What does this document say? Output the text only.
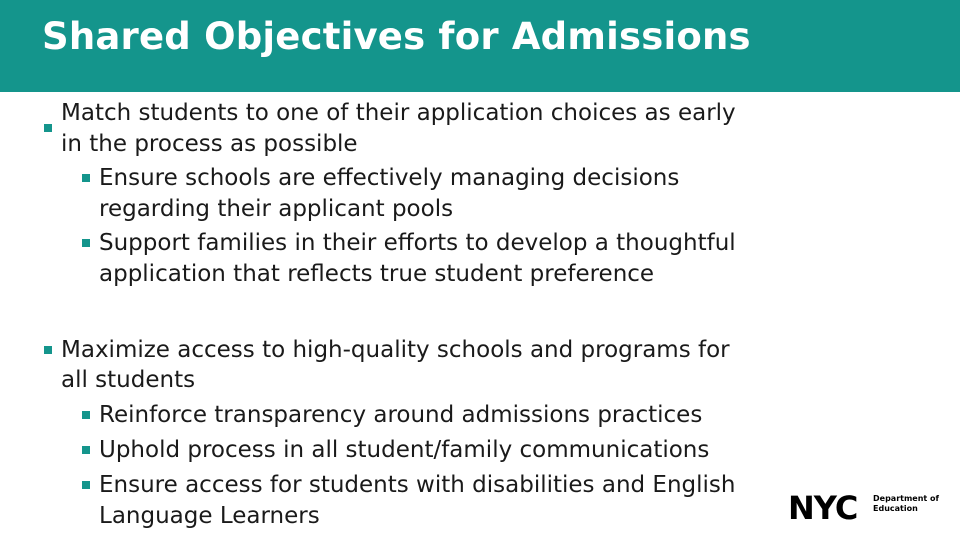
Shared Objectives for Admissions
Match students to one of their application choices as early
in the process as possible
Ensure schools are effectively managing decisions
regarding their applicant pools
Support families in their efforts to develop a thoughtful
application that reflects true student preference
Maximize access to high-quality schools and programs for
all students
Reinforce transparency around admissions practices
Uphold process in all student/family communications
Ensure access for students with disabilities and English
Language Learners	NYC Department of
Education
